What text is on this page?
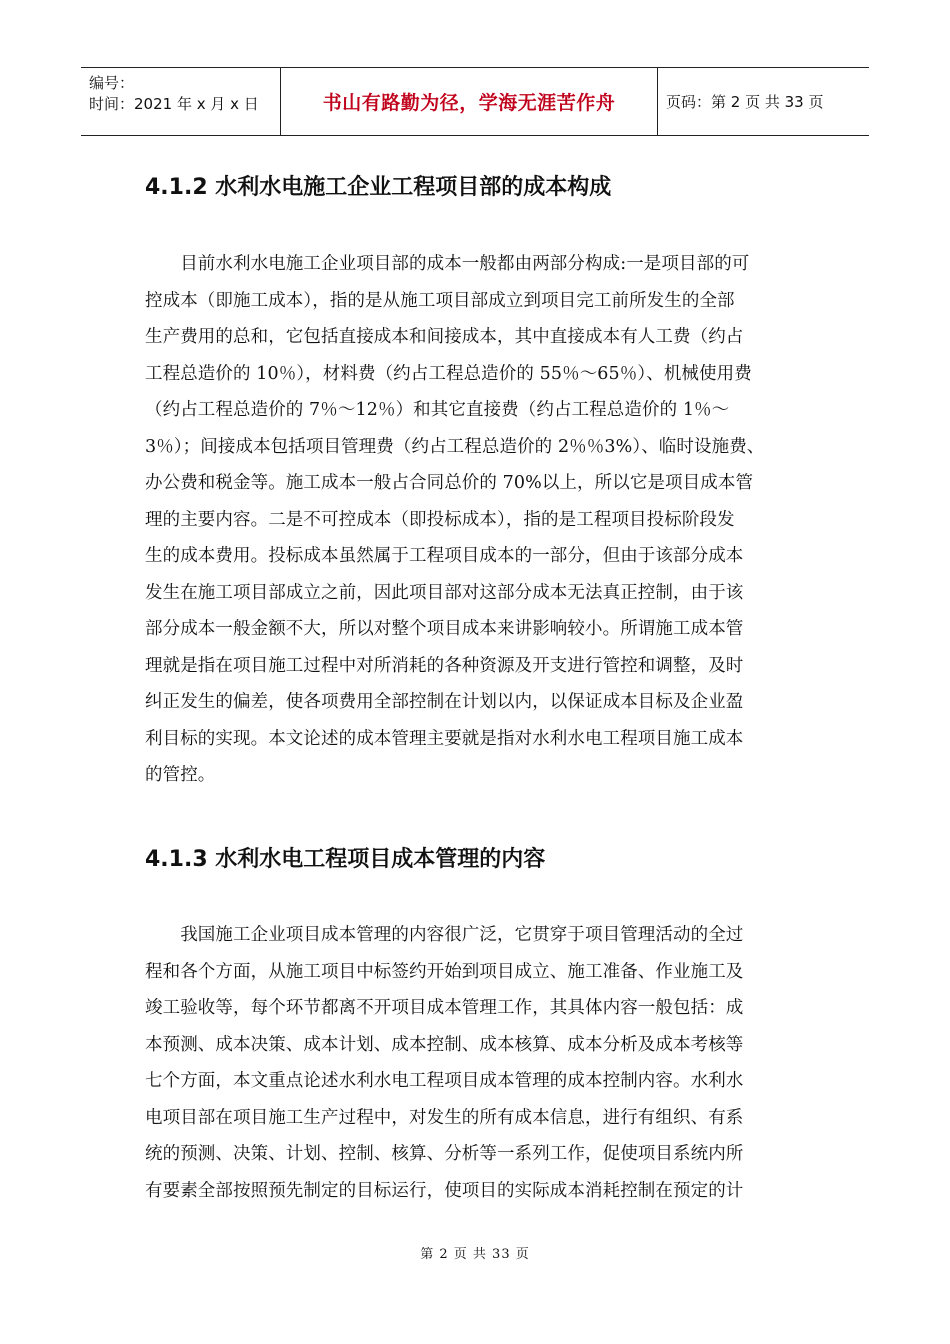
编号：
时间：2021 年 x 月 x 日	书山有路勤为径，学海无涯苦作舟	页码：第 2 页 共 33 页
4.1.2 水利水电施工企业工程项目部的成本构成
　　目前水利水电施工企业项目部的成本一般都由两部分构成:一是项目部的可
控成本（即施工成本），指的是从施工项目部成立到项目完工前所发生的全部
生产费用的总和，它包括直接成本和间接成本，其中直接成本有人工费（约占
工程总造价的 10％），材料费（约占工程总造价的 55％～65％）、机械使用费
（约占工程总造价的 7％～12％）和其它直接费（约占工程总造价的 1％～
3％）；间接成本包括项目管理费（约占工程总造价的 2％％3%）、临时设施费、
办公费和税金等。施工成本一般占合同总价的 70%以上，所以它是项目成本管
理的主要内容。二是不可控成本（即投标成本），指的是工程项目投标阶段发
生的成本费用。投标成本虽然属于工程项目成本的一部分，但由于该部分成本
发生在施工项目部成立之前，因此项目部对这部分成本无法真正控制，由于该
部分成本一般金额不大，所以对整个项目成本来讲影响较小。所谓施工成本管
理就是指在项目施工过程中对所消耗的各种资源及开支进行管控和调整，及时
纠正发生的偏差，使各项费用全部控制在计划以内，以保证成本目标及企业盈
利目标的实现。本文论述的成本管理主要就是指对水利水电工程项目施工成本
的管控。
4.1.3 水利水电工程项目成本管理的内容
　　我国施工企业项目成本管理的内容很广泛，它贯穿于项目管理活动的全过
程和各个方面，从施工项目中标签约开始到项目成立、施工准备、作业施工及
竣工验收等，每个环节都离不开项目成本管理工作，其具体内容一般包括：成
本预测、成本决策、成本计划、成本控制、成本核算、成本分析及成本考核等
七个方面，本文重点论述水利水电工程项目成本管理的成本控制内容。水利水
电项目部在项目施工生产过程中，对发生的所有成本信息，进行有组织、有系
统的预测、决策、计划、控制、核算、分析等一系列工作，促使项目系统内所
有要素全部按照预先制定的目标运行，使项目的实际成本消耗控制在预定的计
第 2 页 共 33 页
